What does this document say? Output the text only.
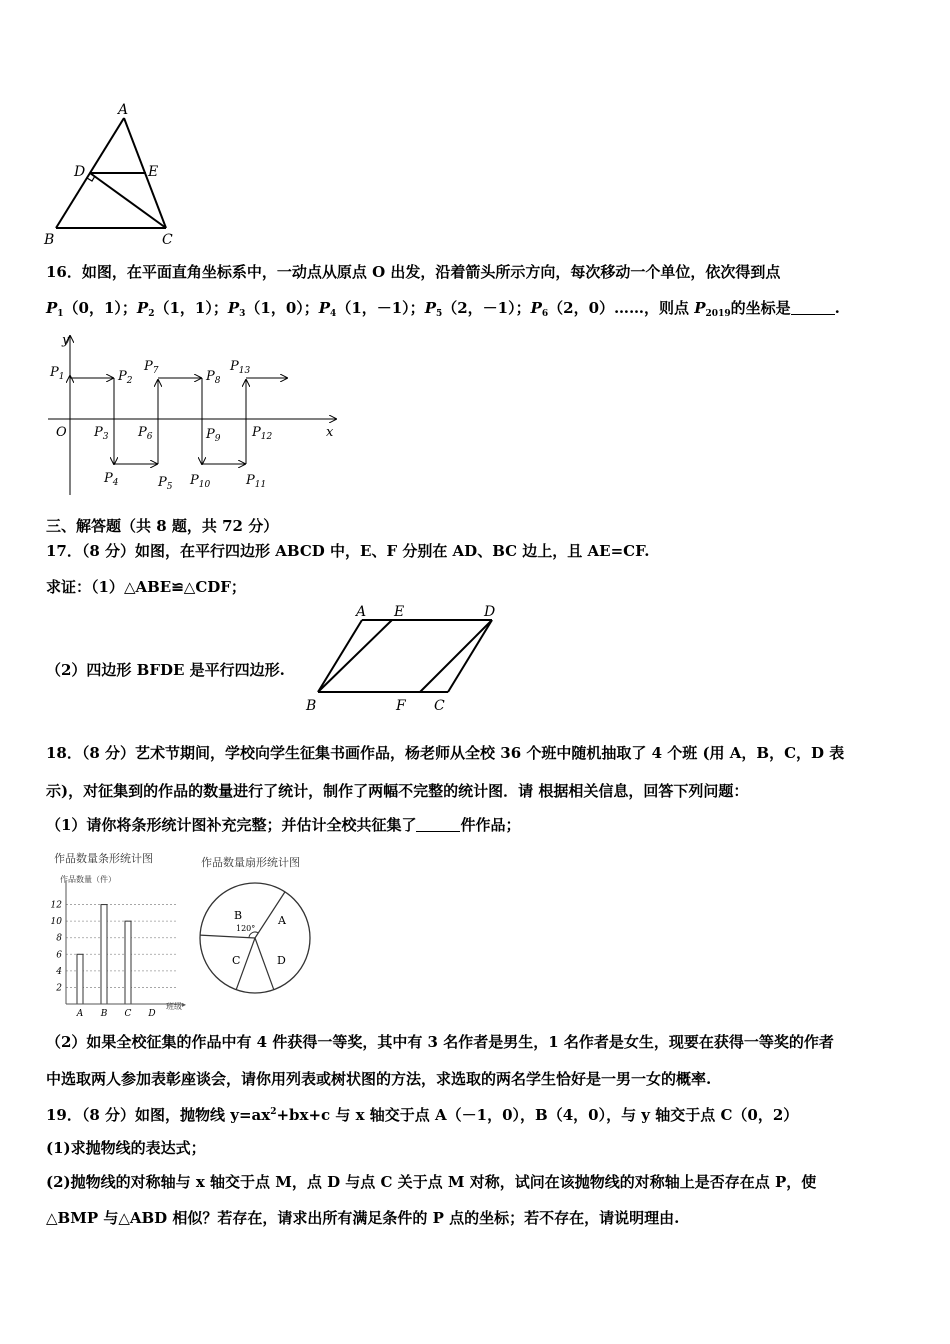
A
D	E
B	C
16．如图，在平面直角坐标系中，一动点从原点 O 出发，沿着箭头所示方向，每次移动一个单位，依次得到点
$P_1(0$，1）；$P_2(1$，1）；$P_3(1$，0）；$P_4(1$，－1）；$P_5(2$，－1）；$P_6(2$，0）……，则点 $P_{2019}$的坐标是	.
y
x
O
$P_1$	$P_2$
$P_3$
$P_4$	$P_5$
$P_6$
$P_7$	$P_8$
$P_9$
$P_{10}$	$P_{11}$
$P_{12}$
$P_{13}$
三、解答题（共 8 题，共 72 分）
17．（8 分）如图，在平行四边形 ABCD 中，E、F 分别在 AD、BC 边上，且 AE=CF.
求证：（1）△ABE≌△CDF；
（2）四边形 BFDE 是平行四边形.
A E	D
B	F C
18．（8 分）艺术节期间，学校向学生征集书画作品，杨老师从全校 36 个班中随机抽取了 4 个班 (用 A，B，C，D 表
示)，对征集到的作品的数量进行了统计，制作了两幅不完整的统计图．请 根据相关信息，回答下列问题：
（1）请你将条形统计图补充完整；并估计全校共征集了	件作品；
作品数量条形统计图
作品数量（件）
班级
A B C D
2
4
6
8
10
12
▸
作品数量扇形统计图
B	A
C	D
120°
（2）如果全校征集的作品中有 4 件获得一等奖，其中有 3 名作者是男生，1 名作者是女生，现要在获得一等奖的作者
中选取两人参加表彰座谈会，请你用列表或树状图的方法，求选取的两名学生恰好是一男一女的概率.
19．（8 分）如图，抛物线 $y=ax^2+bx+c$ 与 x 轴交于点 A（－1，0），B（4，0），与 y 轴交于点 C（0，2）
(1)求抛物线的表达式；
(2)抛物线的对称轴与 x 轴交于点 M，点 D 与点 C 关于点 M 对称，试问在该抛物线的对称轴上是否存在点 P，使
△BMP 与△ABD 相似？若存在，请求出所有满足条件的 P 点的坐标；若不存在，请说明理由.
